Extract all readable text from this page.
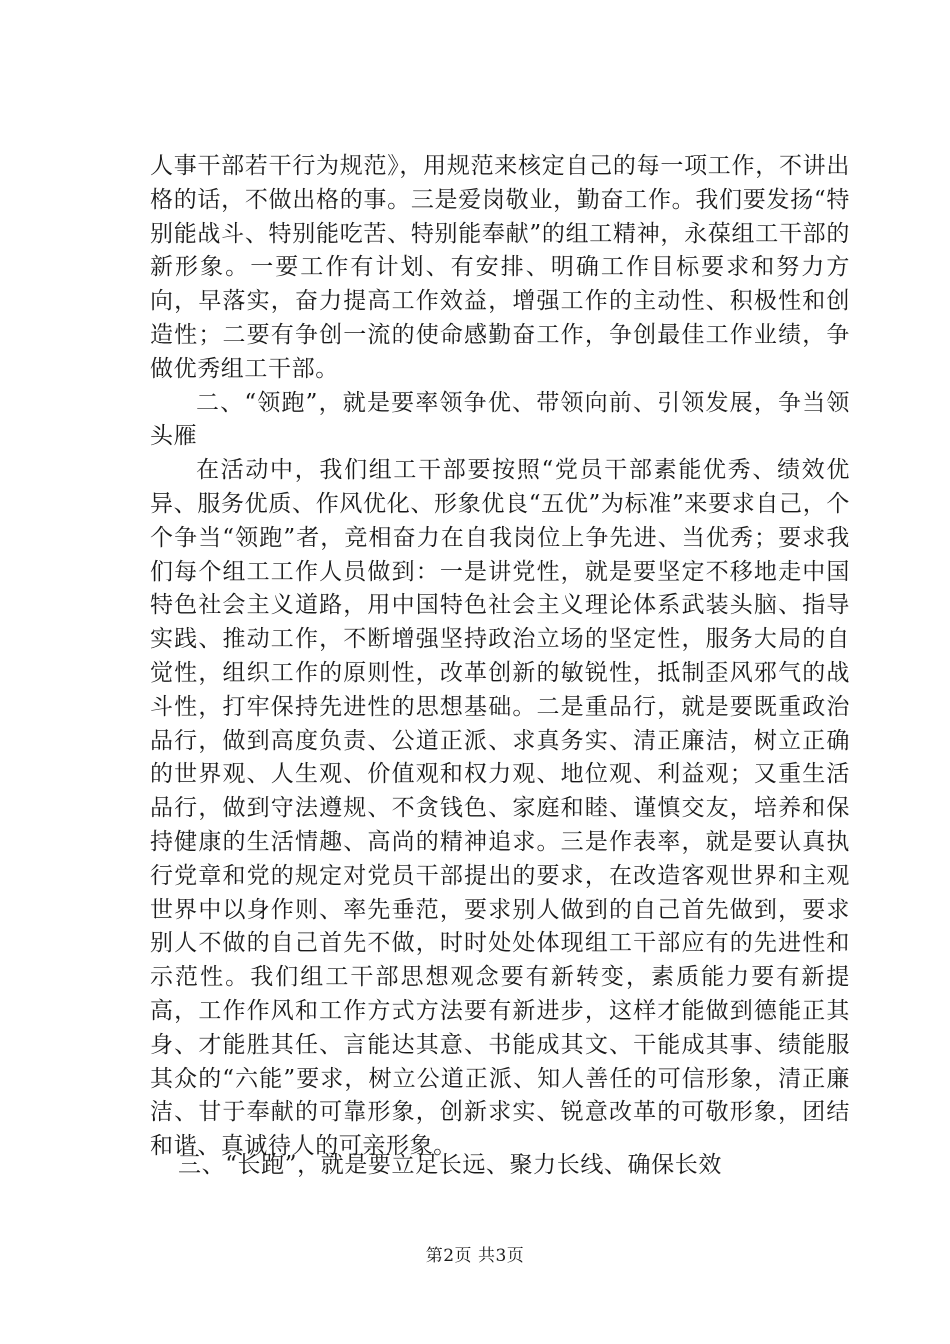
人事干部若干行为规范》，用规范来核定自己的每一项工作，不讲出格的话，不做出格的事。三是爱岗敬业，勤奋工作。我们要发扬“特别能战斗、特别能吃苦、特别能奉献”的组工精神，永葆组工干部的新形象。一要工作有计划、有安排、明确工作目标要求和努力方向，早落实，奋力提高工作效益，增强工作的主动性、积极性和创造性；二要有争创一流的使命感勤奋工作，争创最佳工作业绩，争做优秀组工干部。

二、“领跑”，就是要率领争优、带领向前、引领发展，争当领头雁

在活动中，我们组工干部要按照“党员干部素能优秀、绩效优异、服务优质、作风优化、形象优良“五优”为标准”来要求自己，个个争当“领跑”者，竞相奋力在自我岗位上争先进、当优秀；要求我们每个组工工作人员做到：一是讲党性，就是要坚定不移地走中国特色社会主义道路，用中国特色社会主义理论体系武装头脑、指导实践、推动工作，不断增强坚持政治立场的坚定性，服务大局的自觉性，组织工作的原则性，改革创新的敏锐性，抵制歪风邪气的战斗性，打牢保持先进性的思想基础。二是重品行，就是要既重政治品行，做到高度负责、公道正派、求真务实、清正廉洁，树立正确的世界观、人生观、价值观和权力观、地位观、利益观；又重生活品行，做到守法遵规、不贪钱色、家庭和睦、谨慎交友，培养和保持健康的生活情趣、高尚的精神追求。三是作表率，就是要认真执行党章和党的规定对党员干部提出的要求，在改造客观世界和主观世界中以身作则、率先垂范，要求别人做到的自己首先做到，要求别人不做的自己首先不做，时时处处体现组工干部应有的先进性和示范性。我们组工干部思想观念要有新转变，素质能力要有新提高，工作作风和工作方式方法要有新进步，这样才能做到德能正其身、才能胜其任、言能达其意、书能成其文、干能成其事、绩能服其众的“六能”要求，树立公道正派、知人善任的可信形象，清正廉洁、甘于奉献的可靠形象，创新求实、锐意改革的可敬形象，团结和谐、真诚待人的可亲形象。

三、“长跑”，就是要立足长远、聚力长线、确保长效

第2页 共3页
